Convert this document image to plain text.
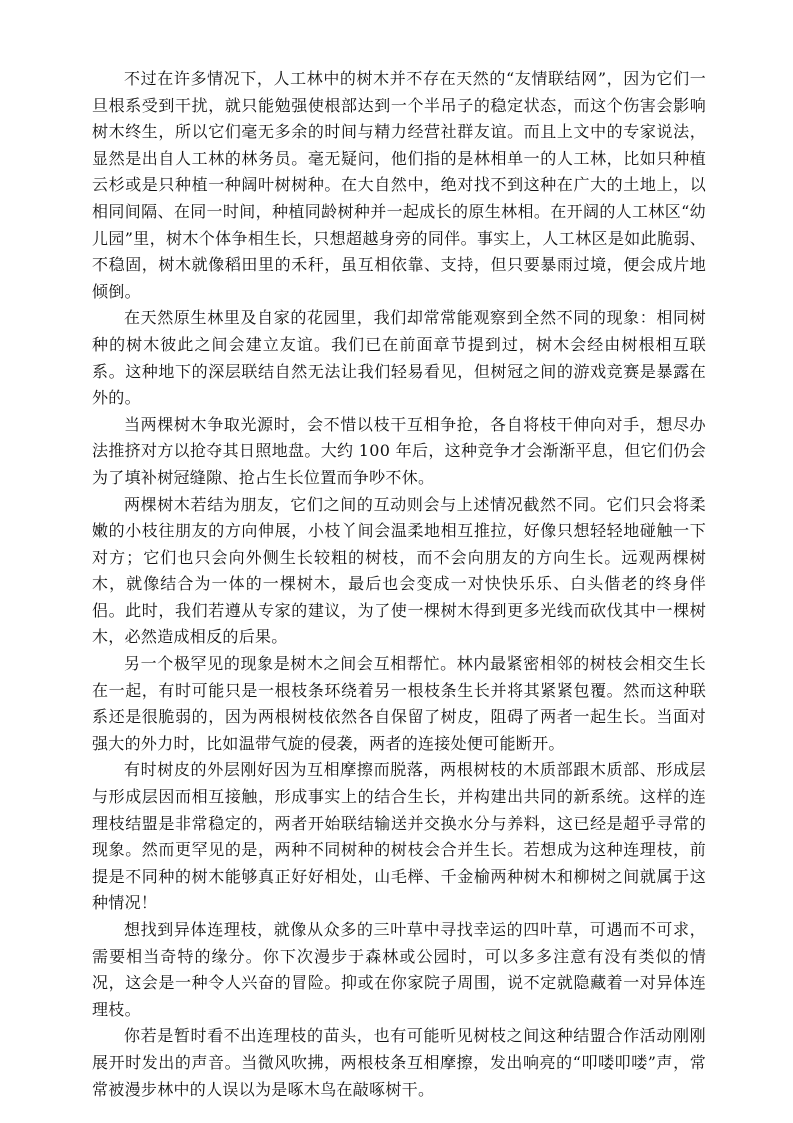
不过在许多情况下，人工林中的树木并不存在天然的“友情联结网”，因为它们一旦根系受到干扰，就只能勉强使根部达到一个半吊子的稳定状态，而这个伤害会影响树木终生，所以它们毫无多余的时间与精力经营社群友谊。而且上文中的专家说法，显然是出自人工林的林务员。毫无疑问，他们指的是林相单一的人工林，比如只种植云杉或是只种植一种阔叶树树种。在大自然中，绝对找不到这种在广大的土地上，以相同间隔、在同一时间，种植同龄树种并一起成长的原生林相。在开阔的人工林区“幼儿园”里，树木个体争相生长，只想超越身旁的同伴。事实上，人工林区是如此脆弱、不稳固，树木就像稻田里的禾秆，虽互相依靠、支持，但只要暴雨过境，便会成片地倾倒。

在天然原生林里及自家的花园里，我们却常常能观察到全然不同的现象：相同树种的树木彼此之间会建立友谊。我们已在前面章节提到过，树木会经由树根相互联系。这种地下的深层联结自然无法让我们轻易看见，但树冠之间的游戏竞赛是暴露在外的。

当两棵树木争取光源时，会不惜以枝干互相争抢，各自将枝干伸向对手，想尽办法推挤对方以抢夺其日照地盘。大约 100 年后，这种竞争才会渐渐平息，但它们仍会为了填补树冠缝隙、抢占生长位置而争吵不休。

两棵树木若结为朋友，它们之间的互动则会与上述情况截然不同。它们只会将柔嫩的小枝往朋友的方向伸展，小枝丫间会温柔地相互推拉，好像只想轻轻地碰触一下对方；它们也只会向外侧生长较粗的树枝，而不会向朋友的方向生长。远观两棵树木，就像结合为一体的一棵树木，最后也会变成一对快快乐乐、白头偕老的终身伴侣。此时，我们若遵从专家的建议，为了使一棵树木得到更多光线而砍伐其中一棵树木，必然造成相反的后果。

另一个极罕见的现象是树木之间会互相帮忙。林内最紧密相邻的树枝会相交生长在一起，有时可能只是一根枝条环绕着另一根枝条生长并将其紧紧包覆。然而这种联系还是很脆弱的，因为两根树枝依然各自保留了树皮，阻碍了两者一起生长。当面对强大的外力时，比如温带气旋的侵袭，两者的连接处便可能断开。

有时树皮的外层刚好因为互相摩擦而脱落，两根树枝的木质部跟木质部、形成层与形成层因而相互接触，形成事实上的结合生长，并构建出共同的新系统。这样的连理枝结盟是非常稳定的，两者开始联结输送并交换水分与养料，这已经是超乎寻常的现象。然而更罕见的是，两种不同树种的树枝会合并生长。若想成为这种连理枝，前提是不同种的树木能够真正好好相处，山毛榉、千金榆两种树木和柳树之间就属于这种情况！

想找到异体连理枝，就像从众多的三叶草中寻找幸运的四叶草，可遇而不可求，需要相当奇特的缘分。你下次漫步于森林或公园时，可以多多注意有没有类似的情况，这会是一种令人兴奋的冒险。抑或在你家院子周围，说不定就隐藏着一对异体连理枝。

你若是暂时看不出连理枝的苗头，也有可能听见树枝之间这种结盟合作活动刚刚展开时发出的声音。当微风吹拂，两根枝条互相摩擦，发出响亮的“叩喽叩喽”声，常常被漫步林中的人误以为是啄木鸟在敲啄树干。
